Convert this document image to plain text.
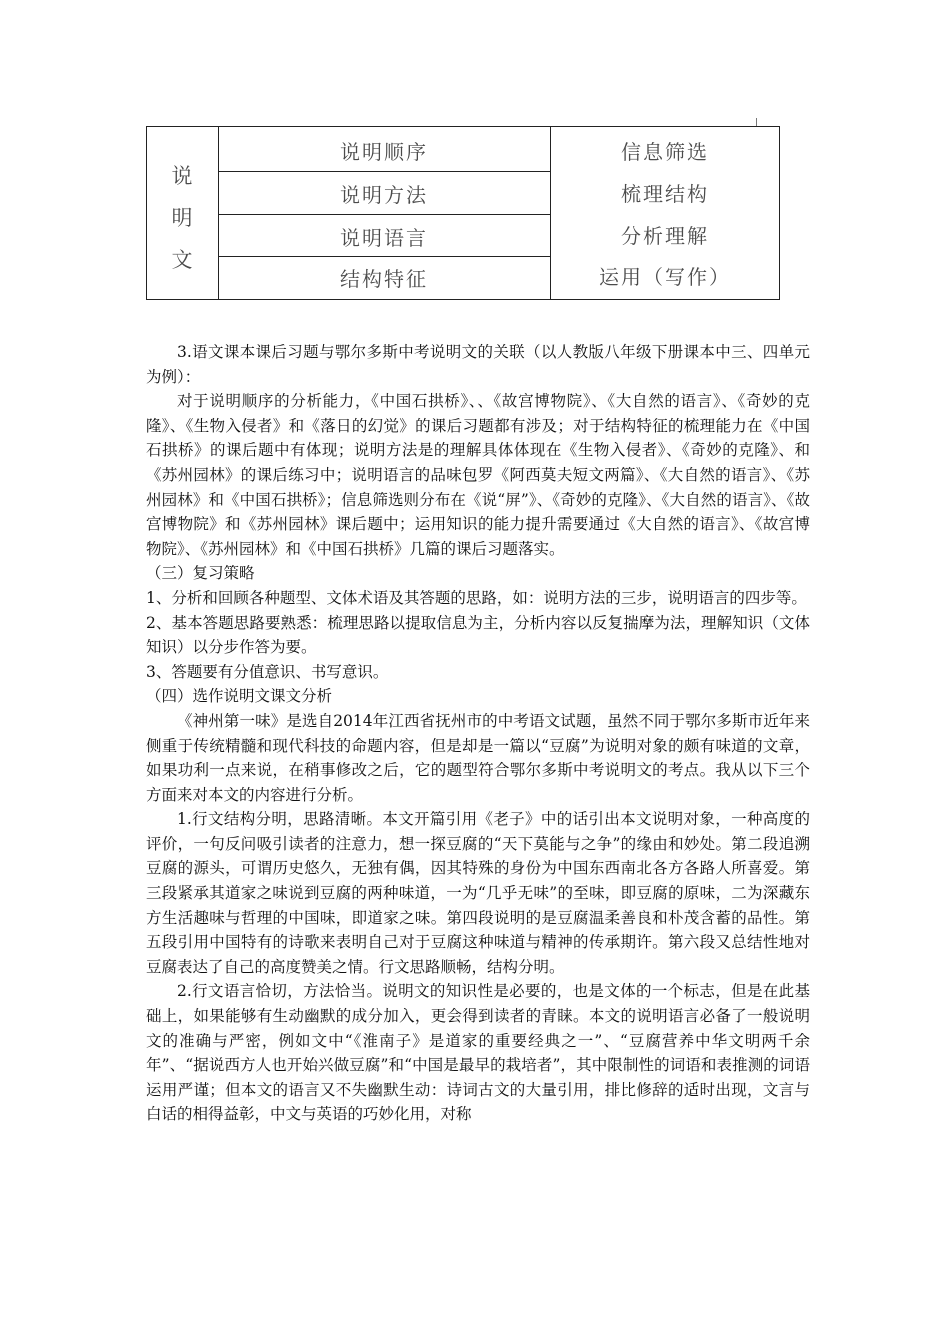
说
明
文
说明顺序
说明方法
说明语言
结构特征
信息筛选
梳理结构
分析理解
运用（写作）

3.语文课本课后习题与鄂尔多斯中考说明文的关联（以人教版八年级下册课本中三、四单元为例）：

对于说明顺序的分析能力，《中国石拱桥》、、《故宫博物院》、《大自然的语言》、《奇妙的克隆》、《生物入侵者》和《落日的幻觉》的课后习题都有涉及；对于结构特征的梳理能力在《中国石拱桥》的课后题中有体现；说明方法是的理解具体体现在《生物入侵者》、《奇妙的克隆》、和《苏州园林》的课后练习中；说明语言的品味包罗《阿西莫夫短文两篇》、《大自然的语言》、《苏州园林》和《中国石拱桥》；信息筛选则分布在《说“屏”》、《奇妙的克隆》、《大自然的语言》、《故宫博物院》和《苏州园林》课后题中；运用知识的能力提升需要通过《大自然的语言》、《故宫博物院》、《苏州园林》和《中国石拱桥》几篇的课后习题落实。

（三）复习策略

1、分析和回顾各种题型、文体术语及其答题的思路，如：说明方法的三步，说明语言的四步等。

2、基本答题思路要熟悉：梳理思路以提取信息为主，分析内容以反复揣摩为法，理解知识（文体知识）以分步作答为要。

3、答题要有分值意识、书写意识。

（四）选作说明文课文分析

《神州第一味》是选自2014年江西省抚州市的中考语文试题，虽然不同于鄂尔多斯市近年来侧重于传统精髓和现代科技的命题内容，但是却是一篇以“豆腐”为说明对象的颇有味道的文章，如果功利一点来说，在稍事修改之后，它的题型符合鄂尔多斯中考说明文的考点。我从以下三个方面来对本文的内容进行分析。

1.行文结构分明，思路清晰。本文开篇引用《老子》中的话引出本文说明对象，一种高度的评价，一句反问吸引读者的注意力，想一探豆腐的“天下莫能与之争”的缘由和妙处。第二段追溯豆腐的源头，可谓历史悠久，无独有偶，因其特殊的身份为中国东西南北各方各路人所喜爱。第三段紧承其道家之味说到豆腐的两种味道，一为“几乎无味”的至味，即豆腐的原味，二为深藏东方生活趣味与哲理的中国味，即道家之味。第四段说明的是豆腐温柔善良和朴茂含蓄的品性。第五段引用中国特有的诗歌来表明自己对于豆腐这种味道与精神的传承期许。第六段又总结性地对豆腐表达了自己的高度赞美之情。行文思路顺畅，结构分明。

2.行文语言恰切，方法恰当。说明文的知识性是必要的，也是文体的一个标志，但是在此基础上，如果能够有生动幽默的成分加入，更会得到读者的青睐。本文的说明语言必备了一般说明文的准确与严密，例如文中“《淮南子》是道家的重要经典之一”、“豆腐营养中华文明两千余年”、“据说西方人也开始兴做豆腐”和“中国是最早的栽培者”，其中限制性的词语和表推测的词语运用严谨；但本文的语言又不失幽默生动：诗词古文的大量引用，排比修辞的适时出现，文言与白话的相得益彰，中文与英语的巧妙化用，对称
